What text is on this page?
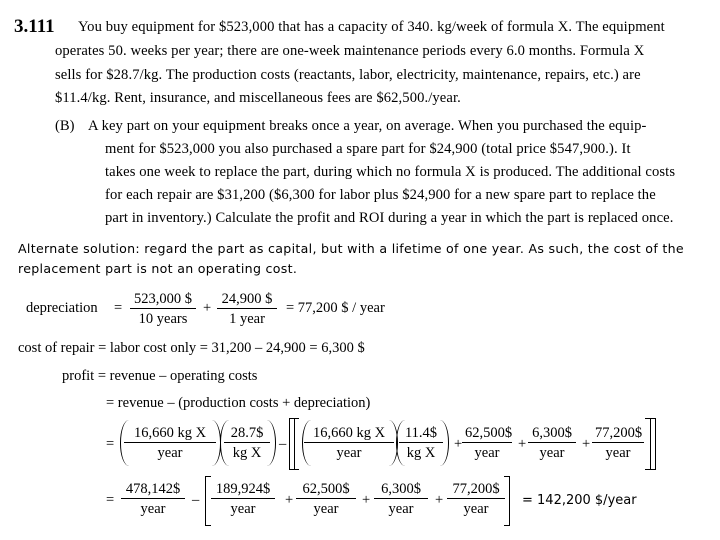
3.111 You buy equipment for $523,000 that has a capacity of 340. kg/week of formula X. The equipment
operates 50. weeks per year; there are one-week maintenance periods every 6.0 months. Formula X
sells for $28.7/kg. The production costs (reactants, labor, electricity, maintenance, repairs, etc.) are
$11.4/kg. Rent, insurance, and miscellaneous fees are $62,500./year.
(B) A key part on your equipment breaks once a year, on average. When you purchased the equip-
ment for $523,000 you also purchased a spare part for $24,900 (total price $547,900.). It
takes one week to replace the part, during which no formula X is produced. The additional costs
for each repair are $31,200 ($6,300 for labor plus $24,900 for a new spare part to replace the
part in inventory.) Calculate the profit and ROI during a year in which the part is replaced once.
Alternate solution: regard the part as capital, but with a lifetime of one year. As such, the cost of the
replacement part is not an operating cost.
depreciation =
523,000 $
10 years
+
24,900 $
1 year
= 77,200 $ / year
cost of repair = labor cost only = 31,200 – 24,900 = 6,300 $
profit = revenue – operating costs
= revenue – (production costs + depreciation)
=
16,660 kg X
year	$\frac{28.7\$}{\text{kg X}}$ –
16,660 kg X
year	$\frac{11.4\$}{\text{kg X}}$ +
62,500$
year
+
6,300$
year
+
77,200$
year
=
478,142$
year
–
189,924$
year
+
62,500$
year
+
6,300$
year
+
77,200$
year
= 142,200 $/year
